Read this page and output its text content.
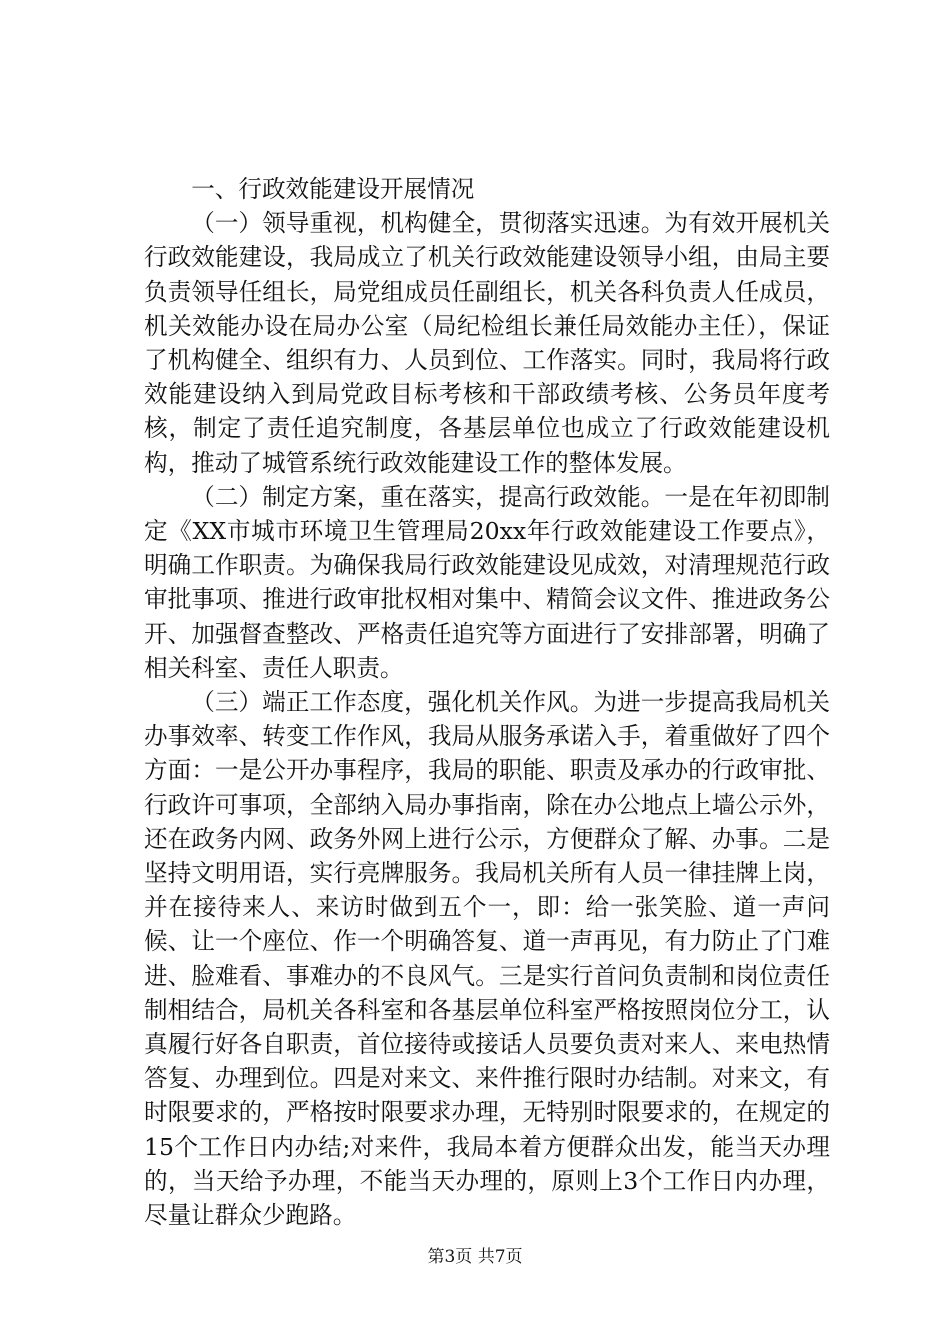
一、行政效能建设开展情况

（一）领导重视，机构健全，贯彻落实迅速。为有效开展机关行政效能建设，我局成立了机关行政效能建设领导小组，由局主要负责领导任组长，局党组成员任副组长，机关各科负责人任成员，机关效能办设在局办公室（局纪检组长兼任局效能办主任），保证了机构健全、组织有力、人员到位、工作落实。同时，我局将行政效能建设纳入到局党政目标考核和干部政绩考核、公务员年度考核，制定了责任追究制度，各基层单位也成立了行政效能建设机构，推动了城管系统行政效能建设工作的整体发展。

（二）制定方案，重在落实，提高行政效能。一是在年初即制定《XX市城市环境卫生管理局20xx年行政效能建设工作要点》，明确工作职责。为确保我局行政效能建设见成效，对清理规范行政审批事项、推进行政审批权相对集中、精简会议文件、推进政务公开、加强督查整改、严格责任追究等方面进行了安排部署，明确了相关科室、责任人职责。

（三）端正工作态度，强化机关作风。为进一步提高我局机关办事效率、转变工作作风，我局从服务承诺入手，着重做好了四个方面：一是公开办事程序，我局的职能、职责及承办的行政审批、行政许可事项，全部纳入局办事指南，除在办公地点上墙公示外，还在政务内网、政务外网上进行公示，方便群众了解、办事。二是坚持文明用语，实行亮牌服务。我局机关所有人员一律挂牌上岗，并在接待来人、来访时做到五个一，即：给一张笑脸、道一声问候、让一个座位、作一个明确答复、道一声再见，有力防止了门难进、脸难看、事难办的不良风气。三是实行首问负责制和岗位责任制相结合，局机关各科室和各基层单位科室严格按照岗位分工，认真履行好各自职责，首位接待或接话人员要负责对来人、来电热情答复、办理到位。四是对来文、来件推行限时办结制。对来文，有时限要求的，严格按时限要求办理，无特别时限要求的，在规定的15个工作日内办结;对来件，我局本着方便群众出发，能当天办理的，当天给予办理，不能当天办理的，原则上3个工作日内办理，尽量让群众少跑路。

第3页 共7页
